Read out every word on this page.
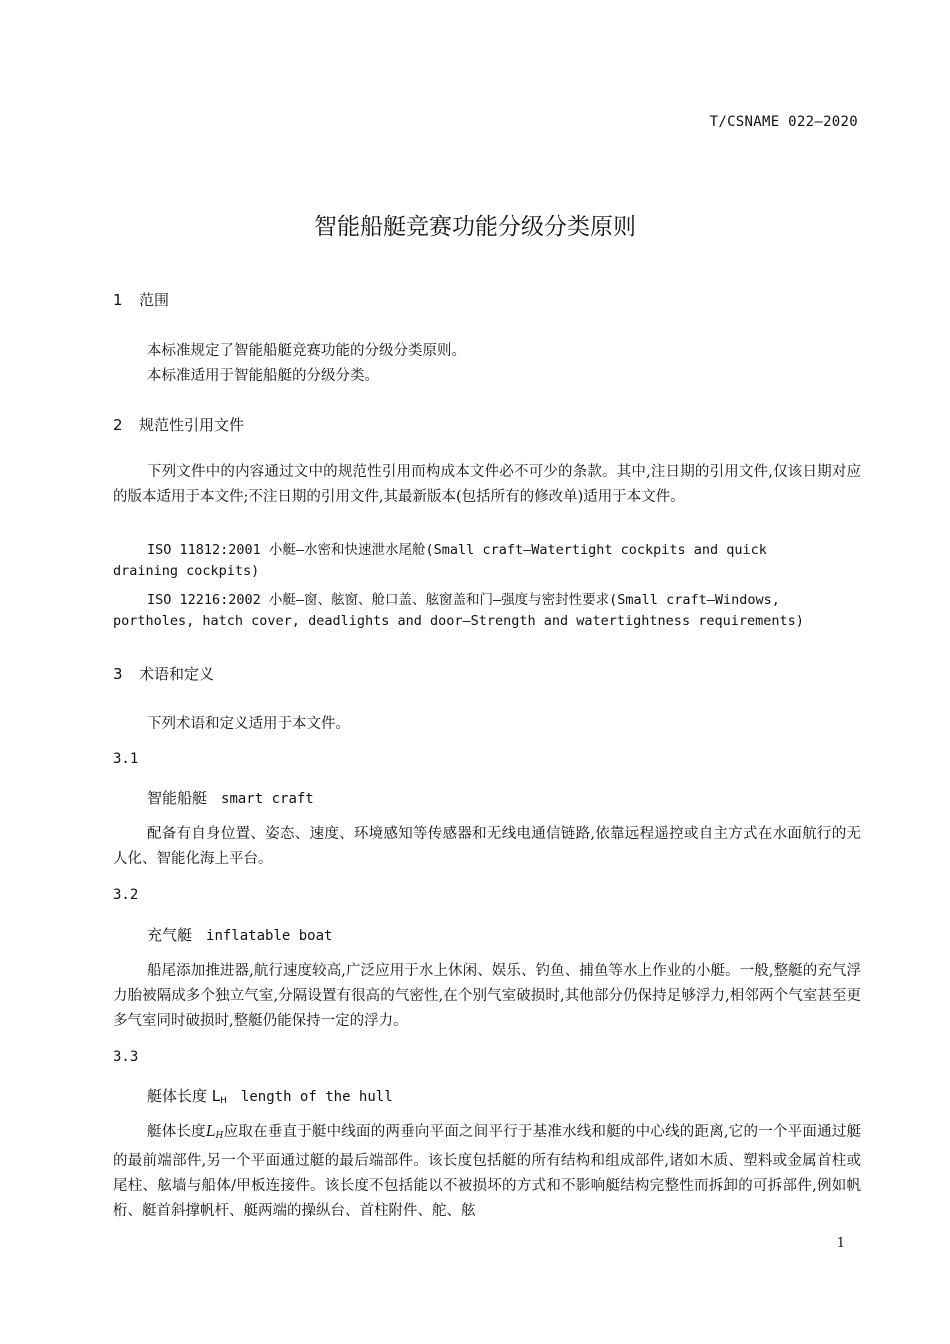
T/CSNAME 022—2020
智能船艇竞赛功能分级分类原则
1 范围
本标准规定了智能船艇竞赛功能的分级分类原则。
本标准适用于智能船艇的分级分类。
2 规范性引用文件
下列文件中的内容通过文中的规范性引用而构成本文件必不可少的条款。其中,注日期的引用文件,仅该日期对应的版本适用于本文件;不注日期的引用文件,其最新版本(包括所有的修改单)适用于本文件。
ISO 11812:2001 小艇—水密和快速泄水尾舱(Small craft—Watertight cockpits and quick
draining cockpits)
ISO 12216:2002 小艇—窗、舷窗、舱口盖、舷窗盖和门—强度与密封性要求(Small craft—Windows,
portholes, hatch cover, deadlights and door—Strength and watertightness requirements)
3 术语和定义
下列术语和定义适用于本文件。
3.1
智能船艇 smart craft
配备有自身位置、姿态、速度、环境感知等传感器和无线电通信链路,依靠远程遥控或自主方式在水面航行的无人化、智能化海上平台。
3.2
充气艇 inflatable boat
船尾添加推进器,航行速度较高,广泛应用于水上休闲、娱乐、钓鱼、捕鱼等水上作业的小艇。一般,整艇的充气浮力胎被隔成多个独立气室,分隔设置有很高的气密性,在个别气室破损时,其他部分仍保持足够浮力,相邻两个气室甚至更多气室同时破损时,整艇仍能保持一定的浮力。
3.3
艇体长度 $L_H$ length of the hull
艇体长度$L_H$应取在垂直于艇中线面的两垂向平面之间平行于基准水线和艇的中心线的距离,它的一个平面通过艇的最前端部件,另一个平面通过艇的最后端部件。该长度包括艇的所有结构和组成部件,诸如木质、塑料或金属首柱或尾柱、舷墙与船体/甲板连接件。该长度不包括能以不被损坏的方式和不影响艇结构完整性而拆卸的可拆部件,例如帆桁、艇首斜撑帆杆、艇两端的操纵台、首柱附件、舵、舷
1
